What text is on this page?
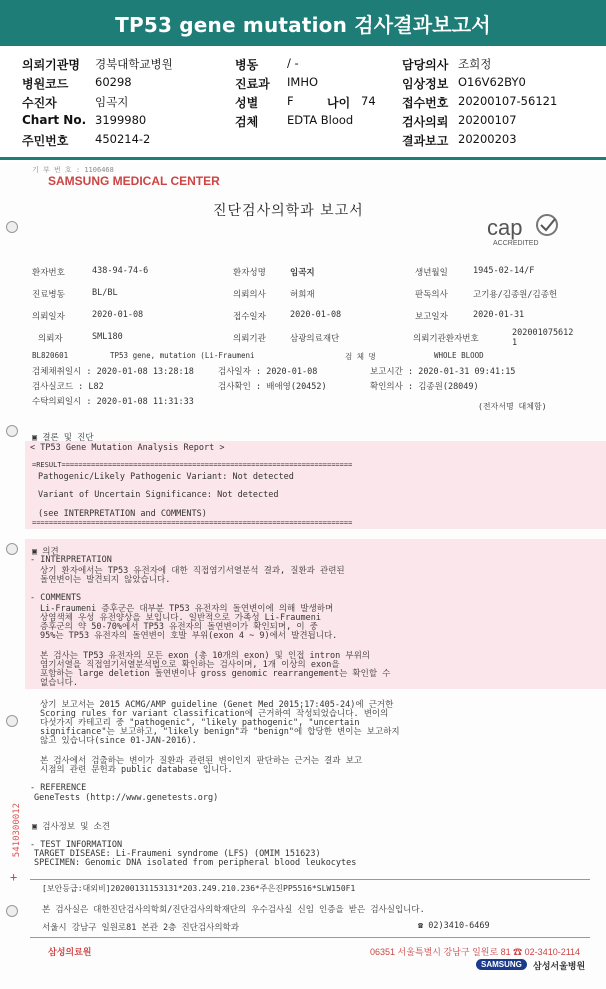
TP53 gene mutation 검사결과보고서
의뢰기관명 경북대학교병원	병동	/ -	담당의사 조희정
병원코드 60298	진료과 IMHO	임상정보 O16V62BY0
수진자	임곡지	성별	F	나이 74 접수번호 20200107-56121
Chart No. 3199980	검체	EDTA Blood	검사의뢰 20200107
주민번호 450214-2	결과보고 20200203
기 부 번 호 : 1106468
SAMSUNG MEDICAL CENTER
진단검사의학과 보고서
cap
ACCREDITED
환자번호	438-94-74-6	환자성명	임곡지	생년월일	1945-02-14/F
진료병동	BL/BL	의뢰의사	허희재	판독의사	고기용/김종원/김종헌
의뢰일자	2020-01-08	접수일자	2020-01-08	보고일자	2020-01-31
의뢰자	SML180	의뢰기관	삼광의료재단	의뢰기관환자번호
202001075612
1
BL820601	TP53 gene, mutation (Li-Fraumeni	검 체 명	WHOLE BLOOD
검체채취일시 : 2020-01-08 13:28:18	검사일자 : 2020-01-08	보고시간 : 2020-01-31 09:41:15
검사실코드 : L82	검사확인 : 배애영(20452)	확인의사 : 김종원(28049)
수탁의뢰일시 : 2020-01-08 11:31:33	(전자서명 대체함)
▣ 결론 및 진단
< TP53 Gene Mutation Analysis Report >
=RESULT=====================================================================
Pathogenic/Likely Pathogenic Variant: Not detected
Variant of Uncertain Significance: Not detected
(see INTERPRETATION and COMMENTS)
============================================================================
▣ 의견
- INTERPRETATION
상기 환자에서는 TP53 유전자에 대한 직접염기서열분석 결과, 질환과 관련된
돌연변이는 발견되지 않았습니다.
- COMMENTS
Li-Fraumeni 증후군은 대부분 TP53 유전자의 돌연변이에 의해 발생하며
상염색체 우성 유전양상을 보입니다. 일반적으로 가족성 Li-Fraumeni
증후군의 약 50-70%에서 TP53 유전자의 돌연변이가 확인되며, 이 중
95%는 TP53 유전자의 돌연변이 호발 부위(exon 4 ~ 9)에서 발견됩니다.
본 검사는 TP53 유전자의 모든 exon (총 10개의 exon) 및 인접 intron 부위의
염기서열을 직접염기서열분석법으로 확인하는 검사이며, 1개 이상의 exon을
포함하는 large deletion 돌연변이나 gross genomic rearrangement는 확인할 수
없습니다.
상기 보고서는 2015 ACMG/AMP guideline (Genet Med 2015;17:405-24)에 근거한
Scoring rules for variant classification에 근거하여 작성되었습니다. 변이의
다섯가지 카테고리 중 "pathogenic", "likely pathogenic", "uncertain
significance"는 보고하고, "likely benign"과 "benign"에 합당한 변이는 보고하지
않고 있습니다(since 01-JAN-2016).
본 검사에서 검출하는 변이가 질환과 관련된 변이인지 판단하는 근거는 결과 보고
시점의 관련 문헌과 public database 입니다.
- REFERENCE
GeneTests (http://www.genetests.org)
▣ 검사정보 및 소견
- TEST INFORMATION
TARGET DISEASE: Li-Fraumeni syndrome (LFS) (OMIM 151623)
SPECIMEN: Genomic DNA isolated from peripheral blood leukocytes
5410300012
+
[보안등급:대외비]20200131153131*203.249.210.236*주은진PP5516*SLW150F1
본 검사실은 대한진단검사의학회/진단검사의학재단의 우수검사실 신임 인증을 받은 검사실입니다.
서울시 강남구 일원로81 본관 2층 진단검사의학과	☎ 02)3410-6469
삼성의료원	06351 서울특별시 강남구 일원로 81 ☎ 02-3410-2114
SAMSUNG	삼성서울병원
